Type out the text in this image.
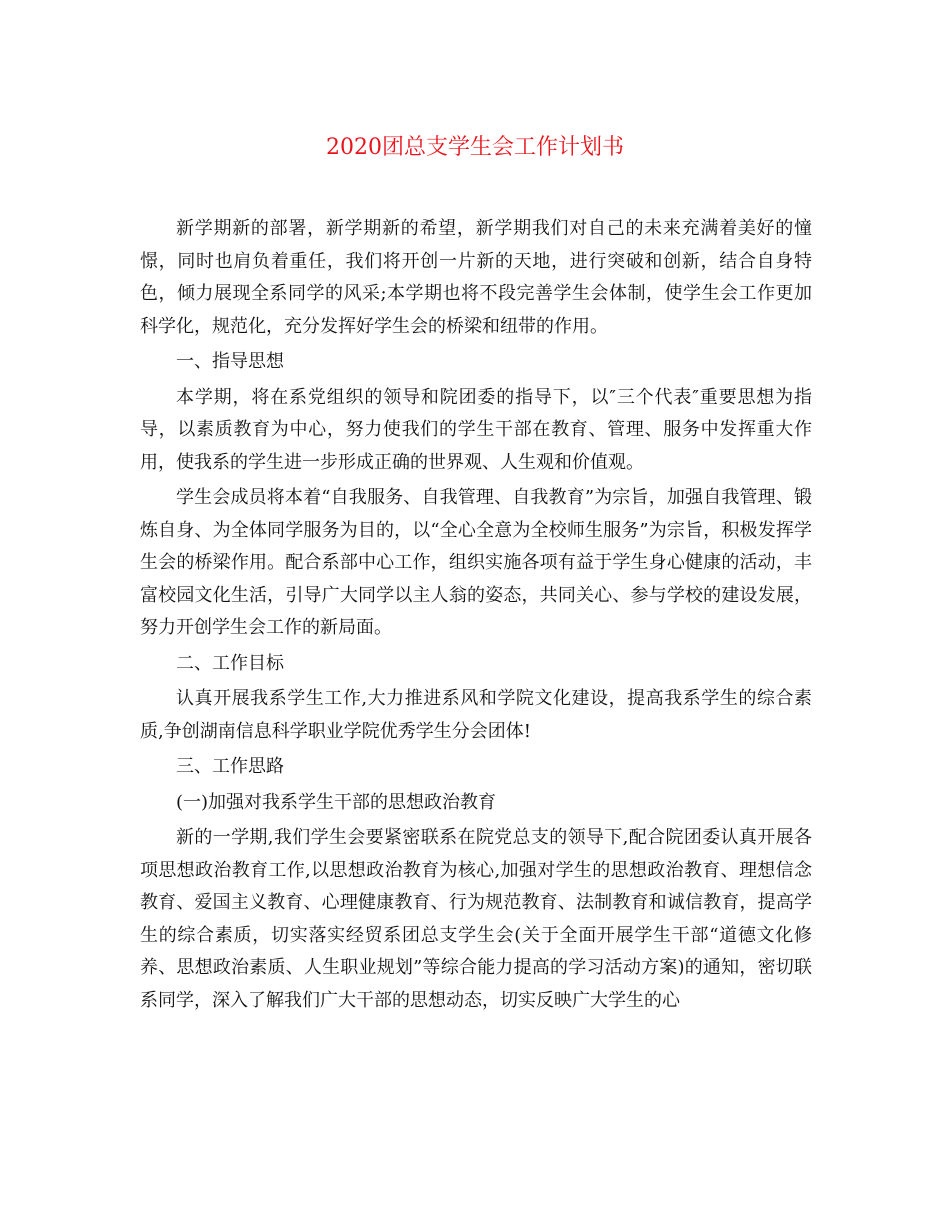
2020团总支学生会工作计划书

新学期新的部署，新学期新的希望，新学期我们对自己的未来充满着美好的憧憬，同时也肩负着重任，我们将开创一片新的天地，进行突破和创新，结合自身特色，倾力展现全系同学的风采;本学期也将不段完善学生会体制，使学生会工作更加科学化，规范化，充分发挥好学生会的桥梁和纽带的作用。

一、指导思想

本学期，将在系党组织的领导和院团委的指导下，以″三个代表″重要思想为指导，以素质教育为中心，努力使我们的学生干部在教育、管理、服务中发挥重大作用，使我系的学生进一步形成正确的世界观、人生观和价值观。

学生会成员将本着“自我服务、自我管理、自我教育”为宗旨，加强自我管理、锻炼自身、为全体同学服务为目的，以“全心全意为全校师生服务”为宗旨，积极发挥学生会的桥梁作用。配合系部中心工作，组织实施各项有益于学生身心健康的活动，丰富校园文化生活，引导广大同学以主人翁的姿态，共同关心、参与学校的建设发展，努力开创学生会工作的新局面。

二、工作目标

认真开展我系学生工作,大力推进系风和学院文化建设，提高我系学生的综合素质,争创湖南信息科学职业学院优秀学生分会团体!

三、工作思路

(一)加强对我系学生干部的思想政治教育

新的一学期,我们学生会要紧密联系在院党总支的领导下,配合院团委认真开展各项思想政治教育工作,以思想政治教育为核心,加强对学生的思想政治教育、理想信念教育、爱国主义教育、心理健康教育、行为规范教育、法制教育和诚信教育，提高学生的综合素质，切实落实经贸系团总支学生会(关于全面开展学生干部“道德文化修养、思想政治素质、人生职业规划”等综合能力提高的学习活动方案)的通知，密切联系同学，深入了解我们广大干部的思想动态，切实反映广大学生的心
